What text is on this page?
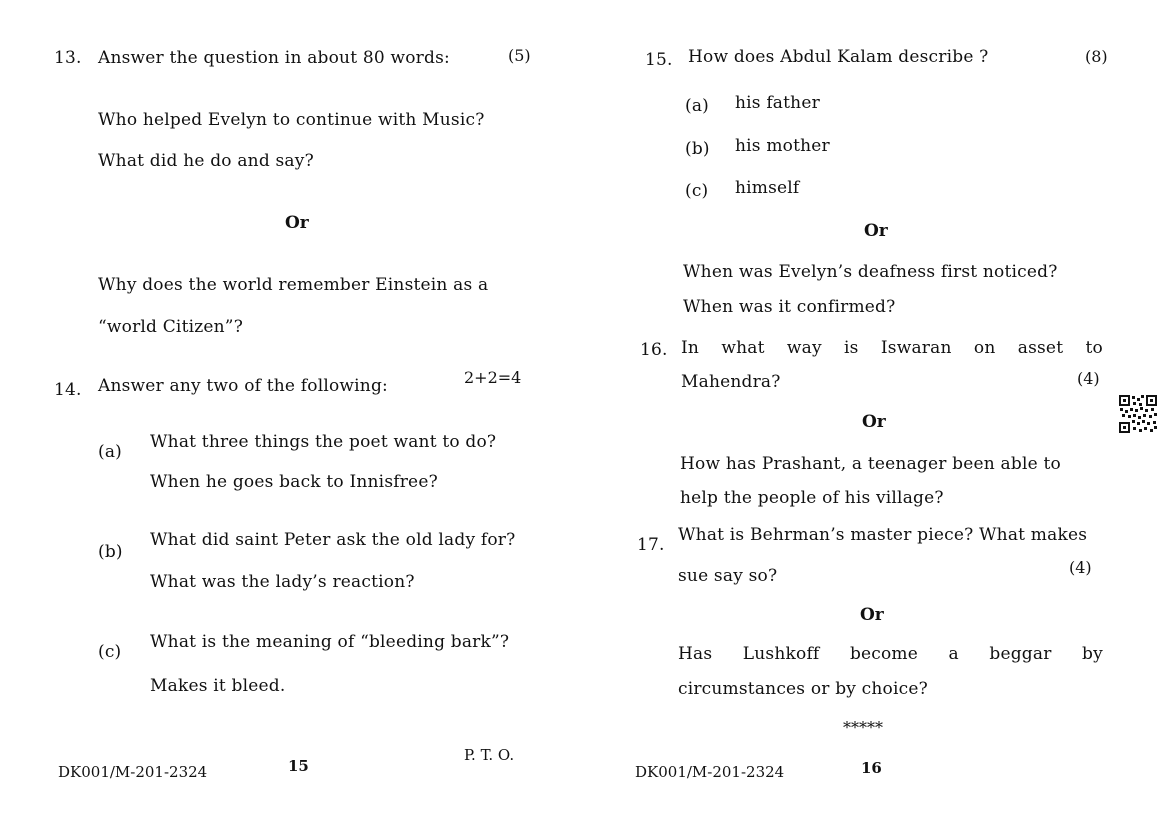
13. Answer the question in about 80 words:	(5)
Who helped Evelyn to continue with Music?
What did he do and say?
Or
Why does the world remember Einstein as a
“world Citizen”?
14. Answer any two of the following:	2+2=4
(a) What three things the poet want to do?
When he goes back to Innisfree?
(b)
What did saint Peter ask the old lady for?
What was the lady’s reaction?
(c) What is the meaning of “bleeding bark”?
Makes it bleed.
DK001/M-201-2324	15
P. T. O.
15. How does Abdul Kalam describe ?	(8)
(a) his father
(b) his mother
(c) himself
Or
When was Evelyn’s deafness first noticed?
When was it confirmed?
16. In what way is Iswaran on asset to
Mahendra?	(4)
Or
How has Prashant, a teenager been able to
help the people of his village?
17. What is Behrman’s master piece? What makes
sue say so?	(4)
Or
Has Lushkoff become a beggar by
circumstances or by choice?
*****
DK001/M-201-2324	16
